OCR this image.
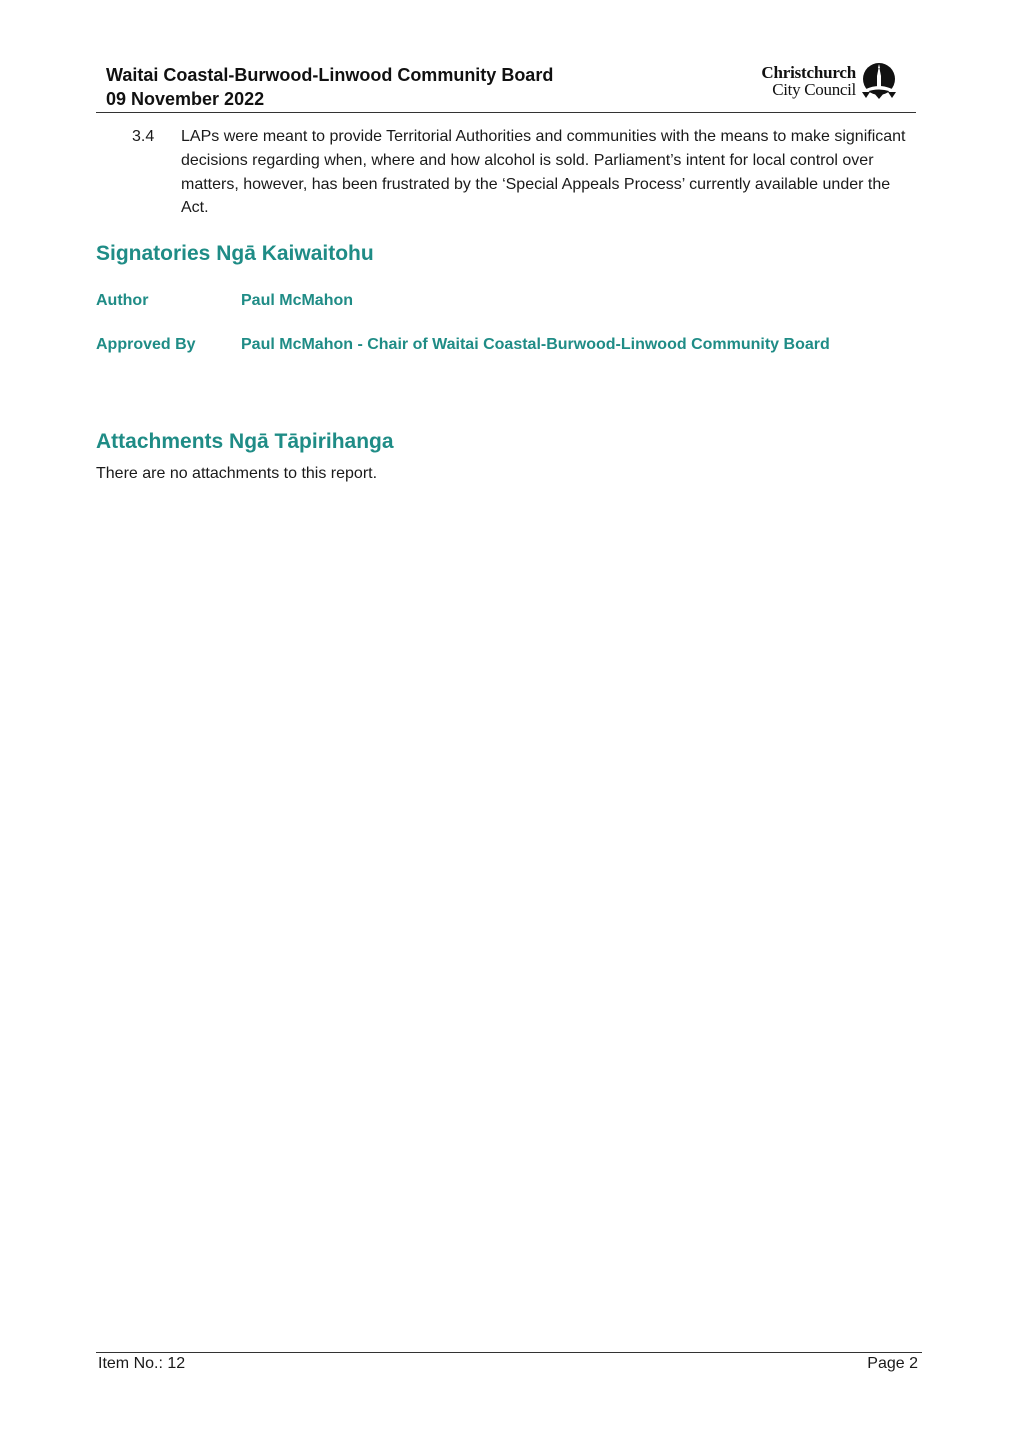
Waitai Coastal-Burwood-Linwood Community Board
09 November 2022
Christchurch
City Council
3.4	LAPs were meant to provide Territorial Authorities and communities with the means to make significant decisions regarding when, where and how alcohol is sold. Parliament’s intent for local control over matters, however, has been frustrated by the ‘Special Appeals Process’ currently available under the Act.
Signatories Ngā Kaiwaitohu
Author	Paul McMahon
Approved By	Paul McMahon - Chair of Waitai Coastal-Burwood-Linwood Community Board
Attachments Ngā Tāpirihanga
There are no attachments to this report.
Item No.: 12	Page 2
